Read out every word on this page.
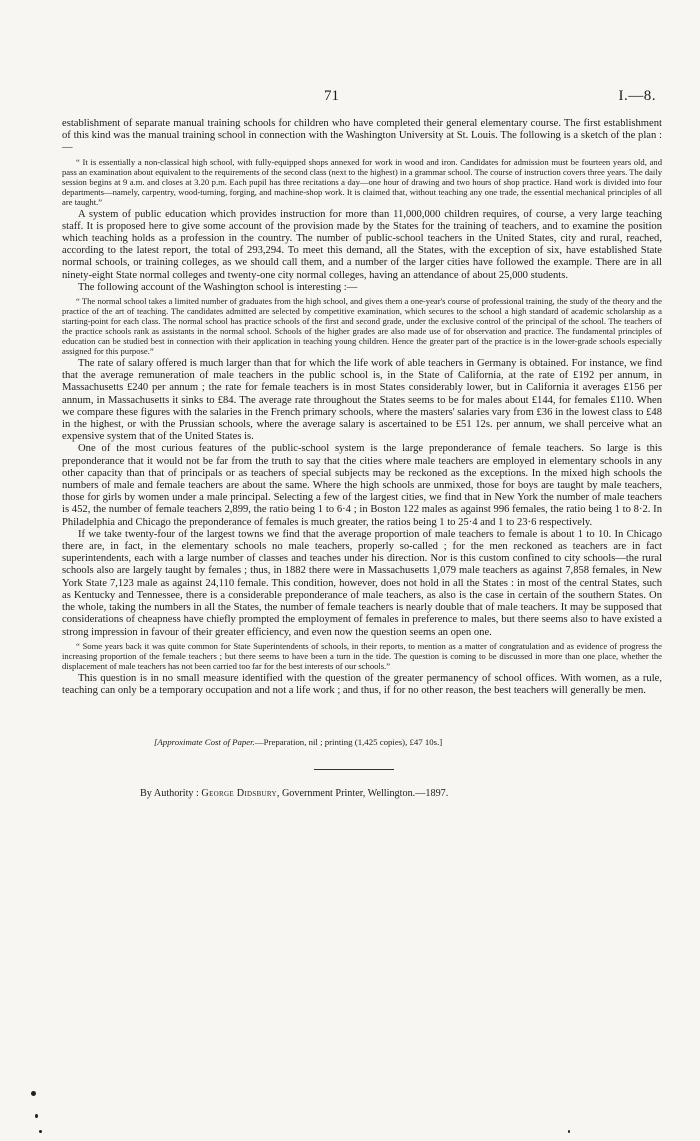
71	I.—8.

establishment of separate manual training schools for children who have completed their general elementary course. The first establishment of this kind was the manual training school in connection with the Washington University at St. Louis. The following is a sketch of the plan :—

“ It is essentially a non-classical high school, with fully-equipped shops annexed for work in wood and iron. Candidates for admission must be fourteen years old, and pass an examination about equivalent to the requirements of the second class (next to the highest) in a grammar school. The course of instruction covers three years. The daily session begins at 9 a.m. and closes at 3.20 p.m. Each pupil has three recitations a day—one hour of drawing and two hours of shop practice. Hand work is divided into four departments—namely, carpentry, wood-turning, forging, and machine-shop work. It is claimed that, without teaching any one trade, the essential mechanical principles of all are taught.”

A system of public education which provides instruction for more than 11,000,000 children requires, of course, a very large teaching staff. It is proposed here to give some account of the provision made by the States for the training of teachers, and to examine the position which teaching holds as a profession in the country. The number of public-school teachers in the United States, city and rural, reached, according to the latest report, the total of 293,294. To meet this demand, all the States, with the exception of six, have established State normal schools, or training colleges, as we should call them, and a number of the larger cities have followed the example. There are in all ninety-eight State normal colleges and twenty-one city normal colleges, having an attendance of about 25,000 students.

The following account of the Washington school is interesting :—

“ The normal school takes a limited number of graduates from the high school, and gives them a one-year's course of professional training, the study of the theory and the practice of the art of teaching. The candidates admitted are selected by competitive examination, which secures to the school a high standard of academic scholarship as a starting-point for each class. The normal school has practice schools of the first and second grade, under the exclusive control of the principal of the school. The teachers of the practice schools rank as assistants in the normal school. Schools of the higher grades are also made use of for observation and practice. The fundamental principles of education can be studied best in connection with their application in teaching young children. Hence the greater part of the practice is in the lower-grade schools especially assigned for this purpose.”

The rate of salary offered is much larger than that for which the life work of able teachers in Germany is obtained. For instance, we find that the average remuneration of male teachers in the public school is, in the State of California, at the rate of £192 per annum, in Massachusetts £240 per annum ; the rate for female teachers is in most States considerably lower, but in California it averages £156 per annum, in Massachusetts it sinks to £84. The average rate throughout the States seems to be for males about £144, for females £110. When we compare these figures with the salaries in the French primary schools, where the masters' salaries vary from £36 in the lowest class to £48 in the highest, or with the Prussian schools, where the average salary is ascertained to be £51 12s. per annum, we shall perceive what an expensive system that of the United States is.

One of the most curious features of the public-school system is the large preponderance of female teachers. So large is this preponderance that it would not be far from the truth to say that the cities where male teachers are employed in elementary schools in any other capacity than that of principals or as teachers of special subjects may be reckoned as the exceptions. In the mixed high schools the numbers of male and female teachers are about the same. Where the high schools are unmixed, those for boys are taught by male teachers, those for girls by women under a male principal. Selecting a few of the largest cities, we find that in New York the number of male teachers is 452, the number of female teachers 2,899, the ratio being 1 to 6·4 ; in Boston 122 males as against 996 females, the ratio being 1 to 8·2. In Philadelphia and Chicago the preponderance of females is much greater, the ratios being 1 to 25·4 and 1 to 23·6 respectively.

If we take twenty-four of the largest towns we find that the average proportion of male teachers to female is about 1 to 10. In Chicago there are, in fact, in the elementary schools no male teachers, properly so-called ; for the men reckoned as teachers are in fact superintendents, each with a large number of classes and teaches under his direction. Nor is this custom confined to city schools—the rural schools also are largely taught by females ; thus, in 1882 there were in Massachusetts 1,079 male teachers as against 7,858 females, in New York State 7,123 male as against 24,110 female. This condition, however, does not hold in all the States : in most of the central States, such as Kentucky and Tennessee, there is a considerable preponderance of male teachers, as also is the case in certain of the southern States. On the whole, taking the numbers in all the States, the number of female teachers is nearly double that of male teachers. It may be supposed that considerations of cheapness have chiefly prompted the employment of females in preference to males, but there seems also to have existed a strong impression in favour of their greater efficiency, and even now the question seems an open one.

“ Some years back it was quite common for State Superintendents of schools, in their reports, to mention as a matter of congratulation and as evidence of progress the increasing proportion of the female teachers ; but there seems to have been a turn in the tide. The question is coming to be discussed in more than one place, whether the displacement of male teachers has not been carried too far for the best interests of our schools.”

This question is in no small measure identified with the question of the greater permanency of school offices. With women, as a rule, teaching can only be a temporary occupation and not a life work ; and thus, if for no other reason, the best teachers will generally be men.

[Approximate Cost of Paper.—Preparation, nil ; printing (1,425 copies), £47 10s.]

By Authority : George Didsbury, Government Printer, Wellington.—1897.
